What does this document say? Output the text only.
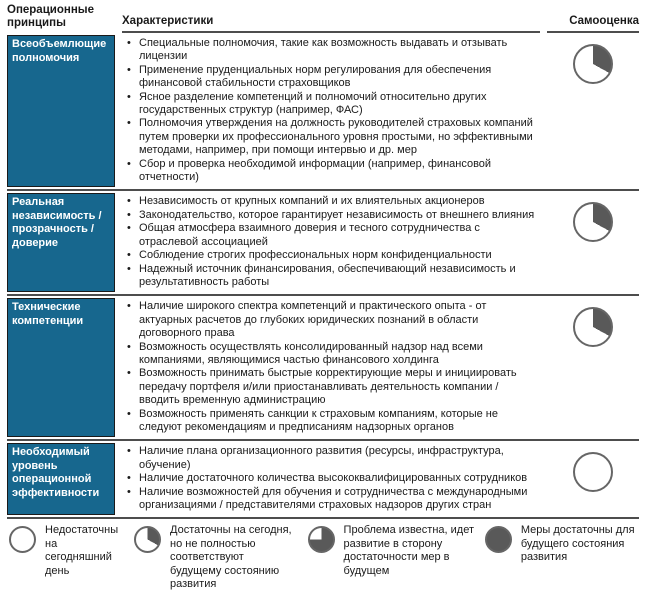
Операционные принципы	Характеристики	Самооценка
Всеобъемлющие полномочия
• Специальные полномочия, такие как возможность выдавать и отзывать лицензии
• Применение пруденциальных норм регулирования для обеспечения финансовой стабильности страховщиков
• Ясное разделение компетенций и полномочий относительно других государственных структур (например, ФАС)
• Полномочия утверждения на должность руководителей страховых компаний путем проверки их профессионального уровня простыми, но эффективными методами, например, при помощи интервью и др. мер
• Сбор и проверка необходимой информации (например, финансовой отчетности)
Реальная независимость / прозрачность / доверие
• Независимость от крупных компаний и их влиятельных акционеров
• Законодательство, которое гарантирует независимость от внешнего влияния
• Общая атмосфера взаимного доверия и тесного сотрудничества с отраслевой ассоциацией
• Соблюдение строгих профессиональных норм конфиденциальности
• Надежный источник финансирования, обеспечивающий независимость и результативность работы
Технические компетенции
• Наличие широкого спектра компетенций и практического опыта - от актуарных расчетов до глубоких юридических познаний в области договорного права
• Возможность осуществлять консолидированный надзор над всеми компаниями, являющимися частью финансового холдинга
• Возможность принимать быстрые корректирующие меры и инициировать передачу портфеля и/или приостанавливать деятельность компании / вводить временную администрацию
• Возможность применять санкции к страховым компаниям, которые не следуют рекомендациям и предписаниям надзорных органов
Необходимый уровень операционной эффективности
• Наличие плана организационного развития (ресурсы, инфраструктура, обучение)
• Наличие достаточного количества высококвалифицированных сотрудников
• Наличие возможностей для обучения и сотрудничества с международными организациями / представителями страховых надзоров других стран
Недостаточны на сегодняшний день
Достаточны на сегодня, но не полностью соответствуют будущему состоянию развития
Проблема известна, идет развитие в сторону достаточности мер в будущем
Меры достаточны для будущего состояния развития
